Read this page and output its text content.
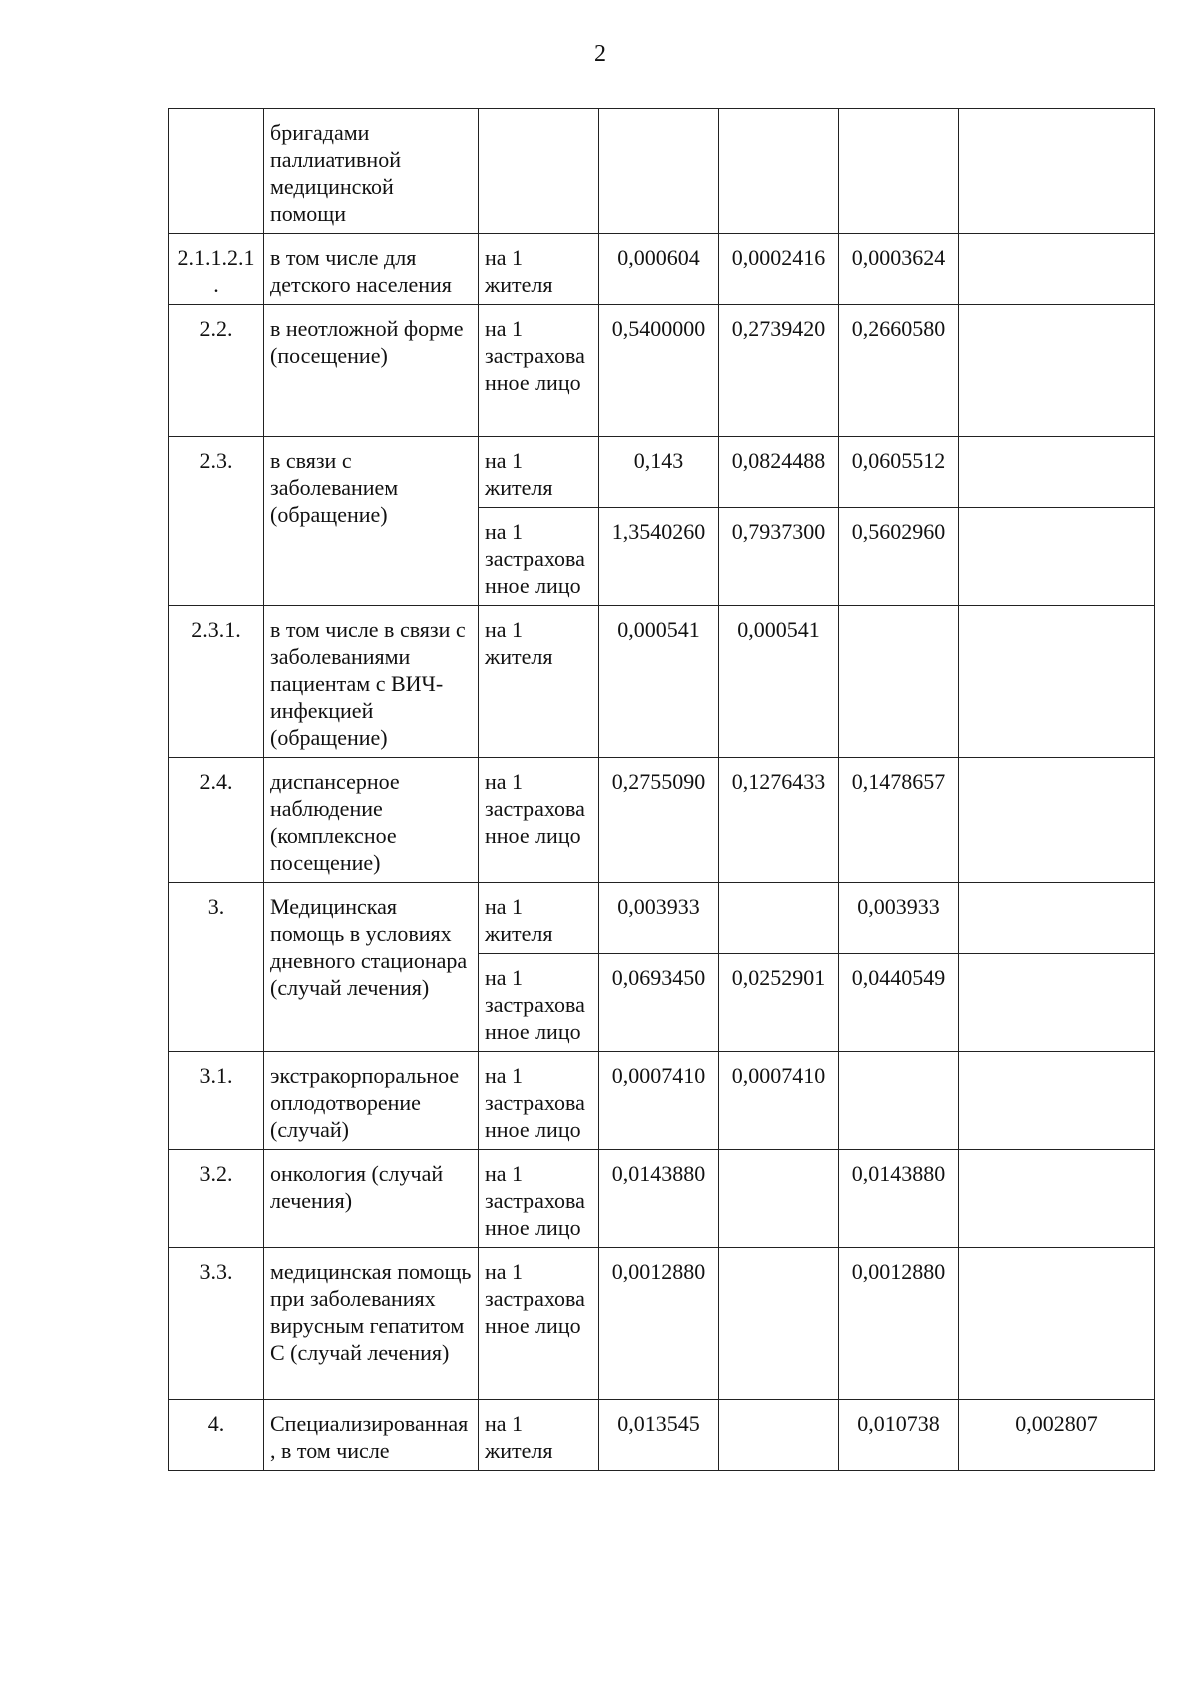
2
	бригадами паллиативной медицинской помощи					
2.1.1.2.1.	в том числе для детского населения	на 1 жителя	0,000604	0,0002416	0,0003624	
2.2.	в неотложной форме (посещение)	на 1 застрахованное лицо	0,5400000	0,2739420	0,2660580	
2.3.	в связи с заболеванием (обращение)	на 1 жителя	0,143	0,0824488	0,0605512	
		на 1 застрахованное лицо	1,3540260	0,7937300	0,5602960	
2.3.1.	в том числе в связи с заболеваниями пациентам с ВИЧ-инфекцией (обращение)	на 1 жителя	0,000541	0,000541		
2.4.	диспансерное наблюдение (комплексное посещение)	на 1 застрахованное лицо	0,2755090	0,1276433	0,1478657	
3.	Медицинская помощь в условиях дневного стационара (случай лечения)	на 1 жителя	0,003933		0,003933	
		на 1 застрахованное лицо	0,0693450	0,0252901	0,0440549	
3.1.	экстракорпоральное оплодотворение (случай)	на 1 застрахованное лицо	0,0007410	0,0007410		
3.2.	онкология (случай лечения)	на 1 застрахованное лицо	0,0143880		0,0143880	
3.3.	медицинская помощь при заболеваниях вирусным гепатитом С (случай лечения)	на 1 застрахованное лицо	0,0012880		0,0012880	
4.	Специализированная, в том числе	на 1 жителя	0,013545		0,010738	0,002807
